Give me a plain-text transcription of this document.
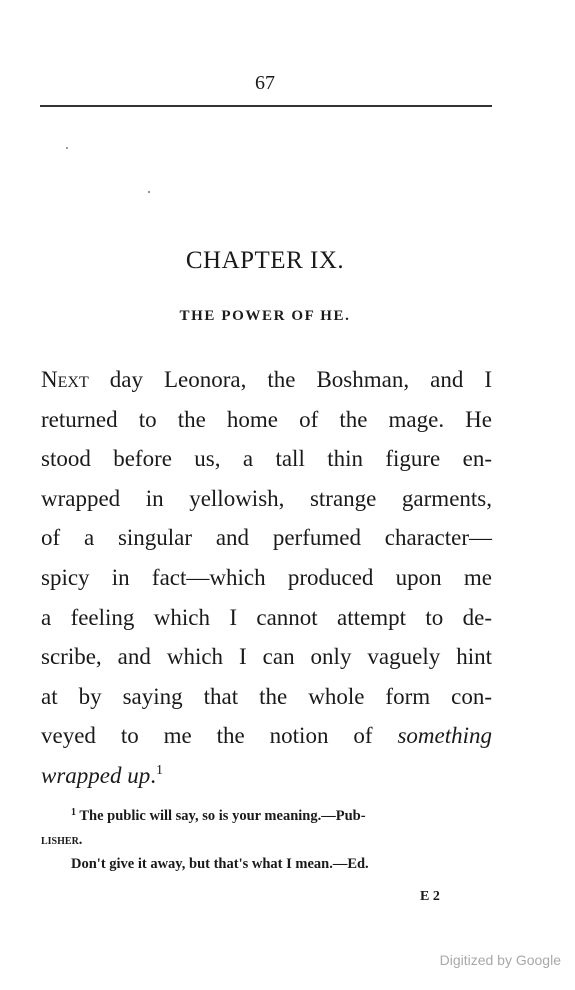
67
CHAPTER IX.
THE POWER OF HE.
Next day Leonora, the Boshman, and I
returned to the home of the mage. He
stood before us, a tall thin figure en-
wrapped in yellowish, strange garments,
of a singular and perfumed character—
spicy in fact—which produced upon me
a feeling which I cannot attempt to de-
scribe, and which I can only vaguely hint
at by saying that the whole form con-
veyed to me the notion of something
wrapped up.$^1$
$^1$ The public will say, so is your meaning.—Pub-
lisher.
Don't give it away, but that's what I mean.—Ed.
E 2
Digitized by Google
